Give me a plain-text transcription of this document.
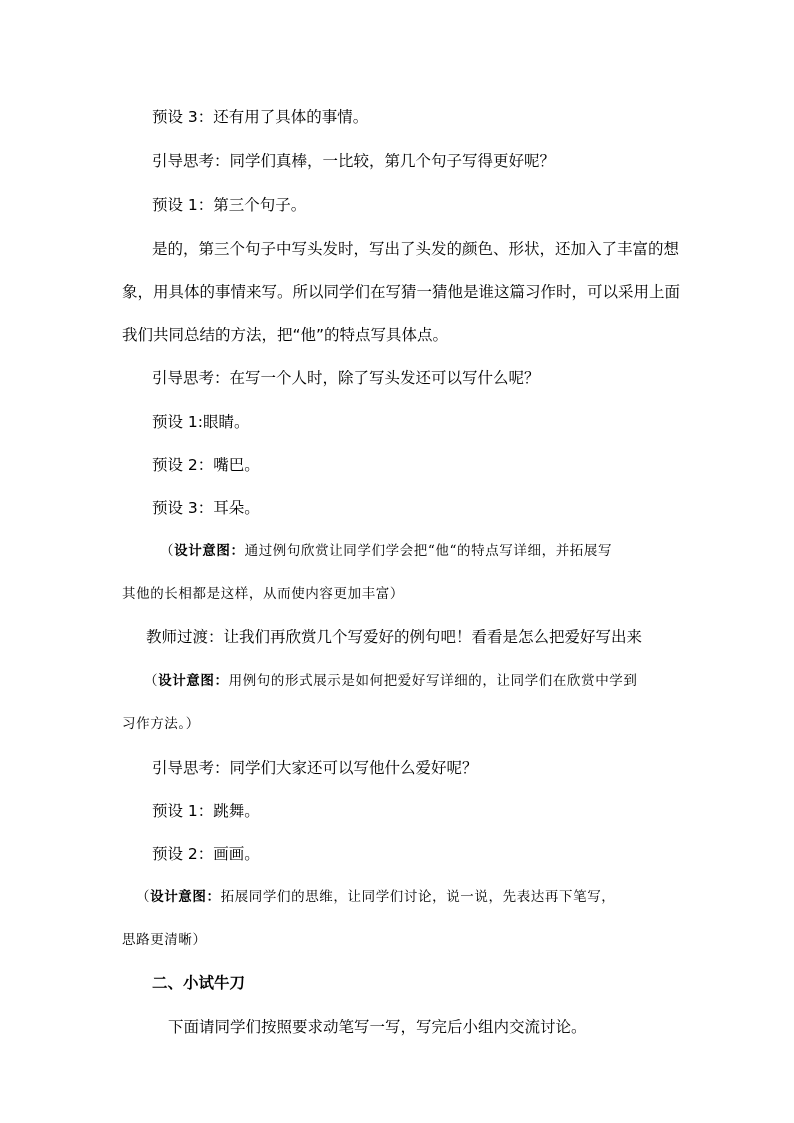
预设 3：还有用了具体的事情。
引导思考：同学们真棒，一比较，第几个句子写得更好呢？
预设 1：第三个句子。
是的，第三个句子中写头发时，写出了头发的颜色、形状，还加入了丰富的想
象，用具体的事情来写。所以同学们在写猜一猜他是谁这篇习作时，可以采用上面
我们共同总结的方法，把“他”的特点写具体点。
引导思考：在写一个人时，除了写头发还可以写什么呢？
预设 1:眼睛。
预设 2：嘴巴。
预设 3：耳朵。
（设计意图：通过例句欣赏让同学们学会把“他“的特点写详细，并拓展写
其他的长相都是这样，从而使内容更加丰富）
教师过渡：让我们再欣赏几个写爱好的例句吧！看看是怎么把爱好写出来
（设计意图：用例句的形式展示是如何把爱好写详细的，让同学们在欣赏中学到
习作方法。）
引导思考：同学们大家还可以写他什么爱好呢？
预设 1：跳舞。
预设 2：画画。
（设计意图：拓展同学们的思维，让同学们讨论，说一说，先表达再下笔写，
思路更清晰）
二、小试牛刀
下面请同学们按照要求动笔写一写，写完后小组内交流讨论。
